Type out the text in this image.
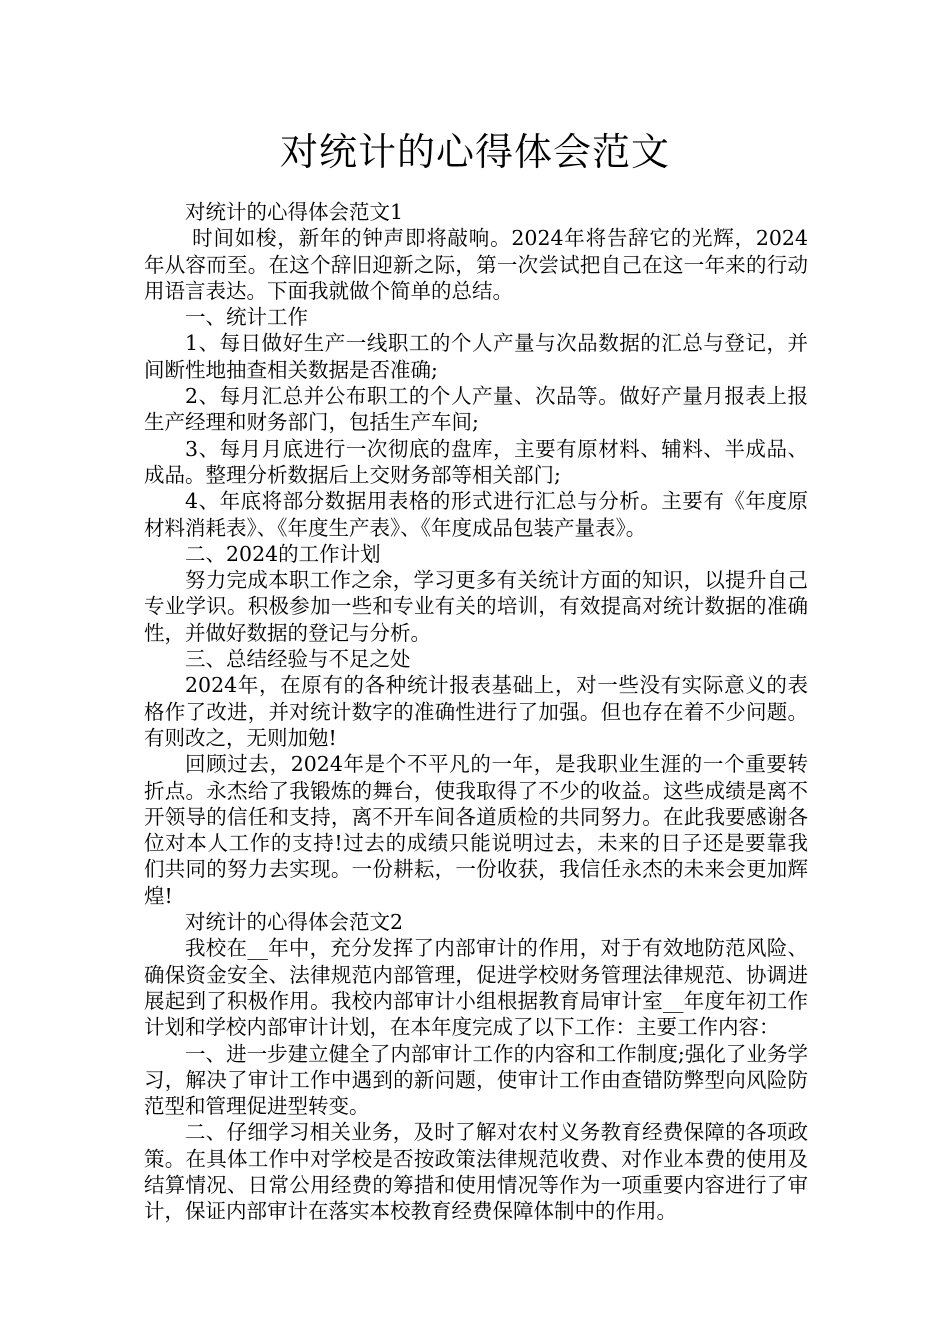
对统计的心得体会范文

对统计的心得体会范文1

时间如梭，新年的钟声即将敲响。2024年将告辞它的光辉，2024年从容而至。在这个辞旧迎新之际，第一次尝试把自己在这一年来的行动用语言表达。下面我就做个简单的总结。

一、统计工作

1、每日做好生产一线职工的个人产量与次品数据的汇总与登记，并间断性地抽查相关数据是否准确;

2、每月汇总并公布职工的个人产量、次品等。做好产量月报表上报生产经理和财务部门，包括生产车间;

3、每月月底进行一次彻底的盘库，主要有原材料、辅料、半成品、成品。整理分析数据后上交财务部等相关部门;

4、年底将部分数据用表格的形式进行汇总与分析。主要有《年度原材料消耗表》、《年度生产表》、《年度成品包装产量表》。

二、2024的工作计划

努力完成本职工作之余，学习更多有关统计方面的知识，以提升自己专业学识。积极参加一些和专业有关的培训，有效提高对统计数据的准确性，并做好数据的登记与分析。

三、总结经验与不足之处

2024年，在原有的各种统计报表基础上，对一些没有实际意义的表格作了改进，并对统计数字的准确性进行了加强。但也存在着不少问题。有则改之，无则加勉!

回顾过去，2024年是个不平凡的一年，是我职业生涯的一个重要转折点。永杰给了我锻炼的舞台，使我取得了不少的收益。这些成绩是离不开领导的信任和支持，离不开车间各道质检的共同努力。在此我要感谢各位对本人工作的支持!过去的成绩只能说明过去，未来的日子还是要靠我们共同的努力去实现。一份耕耘，一份收获，我信任永杰的未来会更加辉煌!

对统计的心得体会范文2

我校在__年中，充分发挥了内部审计的作用，对于有效地防范风险、确保资金安全、法律规范内部管理，促进学校财务管理法律规范、协调进展起到了积极作用。我校内部审计小组根据教育局审计室__年度年初工作计划和学校内部审计计划，在本年度完成了以下工作：主要工作内容：

一、进一步建立健全了内部审计工作的内容和工作制度;强化了业务学习，解决了审计工作中遇到的新问题，使审计工作由查错防弊型向风险防范型和管理促进型转变。

二、仔细学习相关业务，及时了解对农村义务教育经费保障的各项政策。在具体工作中对学校是否按政策法律规范收费、对作业本费的使用及结算情况、日常公用经费的筹措和使用情况等作为一项重要内容进行了审计，保证内部审计在落实本校教育经费保障体制中的作用。
